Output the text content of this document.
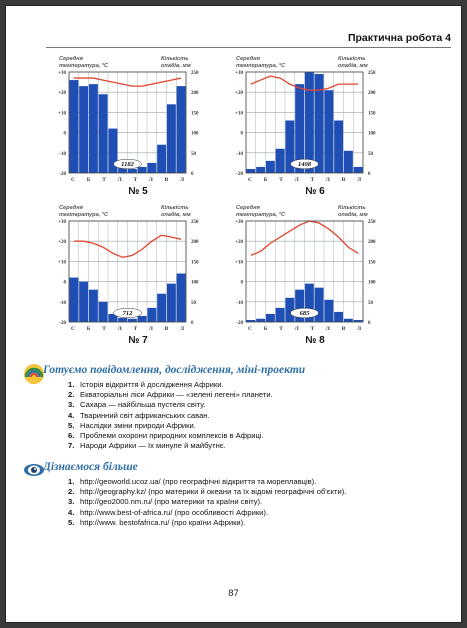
Практична робота 4
Середня
температура, °С
Кількість
опадів, мм
+30
+20
+10
0
-10
-20
250
200
150
100
50
0
С Б Т Л Т Л В Л
1182
№ 5
Середня
температура, °С
Кількість
опадів, мм
+30
+20
+10
0
-10
-20
250
200
150
100
50
0
С Б Т Л Т Л В Л
1408
№ 6
Середня
температура, °С
Кількість
опадів, мм
+30
+20
+10
0
-10
-20
250
200
150
100
50
0
С Б Т Л Т Л В Л
712
№ 7
Середня
температура, °С
Кількість
опадів, мм
+30
+20
+10
0
-10
-20
250
200
150
100
50
0
С Б Т Л Т Л В Л
685
№ 8
Готуємо повідомлення, дослідження, міні-проекти
1. Історія відкриття й дослідження Африки.
2. Екваторіальні ліси Африки — «зелені легені» планети.
3. Сахара — найбільша пустеля світу.
4. Тваринний світ африканських саван.
5. Наслідки зміни природи Африки.
6. Проблеми охорони природних комплексів в Африці.
7. Народи Африки — їх минуле й майбутнє.
Дізнаємося більше
1. http://geoworld.ucoz.ua/ (про географічні відкриття та мореплавців).
2. http://geography.kz/ (про материки й океани та їх відомі географічні об'єкти).
3. http://geo2000.nm.ru/ (про материки та країни світу).
4. http://www.best-of-africa.ru/ (про особливості Африки).
5. http://www. bestofafrica.ru/ (про країни Африки).
87
